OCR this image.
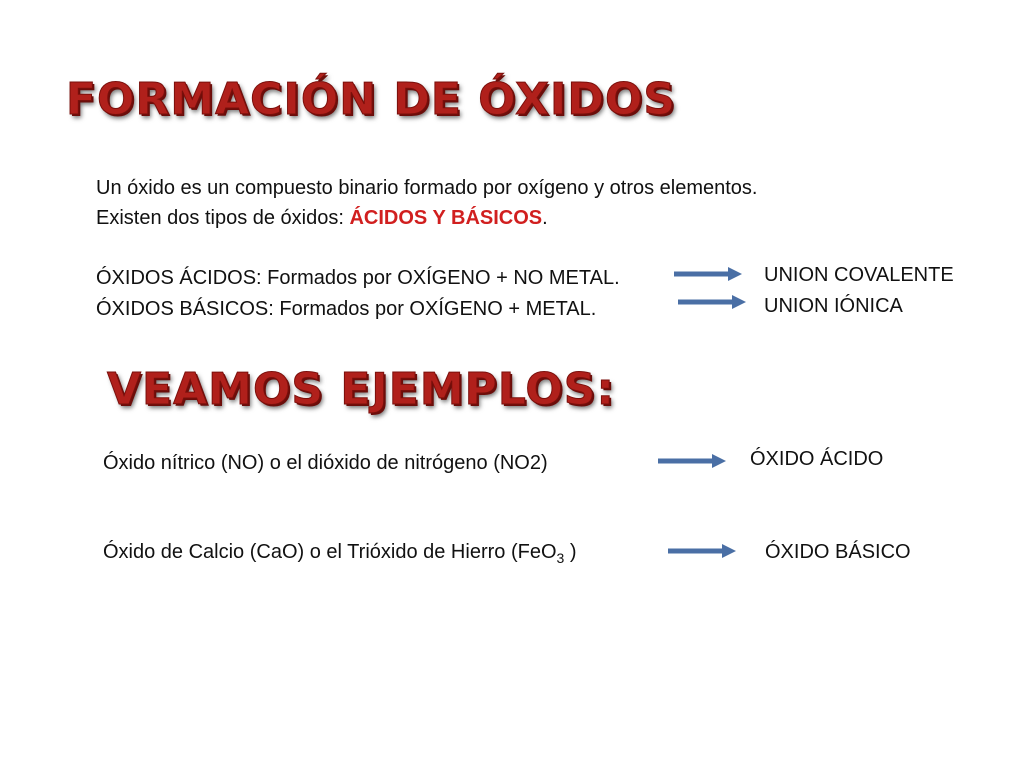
FORMACIÓN DE ÓXIDOS
Un óxido es un compuesto binario formado por oxígeno y otros elementos.
Existen dos tipos de óxidos: ÁCIDOS Y BÁSICOS.
ÓXIDOS ÁCIDOS: Formados por OXÍGENO + NO METAL.
ÓXIDOS BÁSICOS: Formados por OXÍGENO + METAL.
UNION COVALENTE
UNION IÓNICA
VEAMOS EJEMPLOS:
Óxido nítrico (NO) o el dióxido de nitrógeno (NO2)	ÓXIDO ÁCIDO
Óxido de Calcio (CaO) o el Trióxido de Hierro (FeO$_3$ )	ÓXIDO BÁSICO
